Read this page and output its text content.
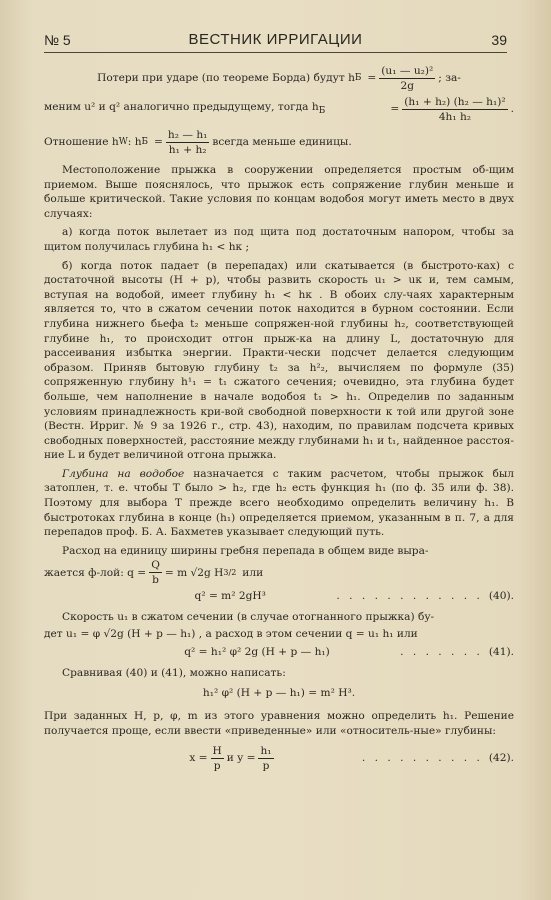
№ 5	ВЕСТНИК ИРРИГАЦИИ	39
Потери при ударе (по теореме Борда) будут h $Б = \frac{\text{(u₁ — u₂)²}}{2g}$ ; за-
меним u² и q² аналогично предыдущему, тогда $h_Б$	= $\frac{\text{(h₁ + h₂) (h₂ — h₁)²}}{\text{4h₁ h₂}}$ .
Отношение h W : h $Б = \frac{\text{h₂ — h₁}}{\text{h₁ + h₂}}$ всегда меньше единицы.

Местоположение прыжка в сооружении определяется простым об-щим приемом. Выше пояснялось, что прыжок есть сопряжение глубин меньше и больше критической. Такие условия по концам водобоя могут иметь место в двух случаях:

а) когда поток вылетает из под щита под достаточным напором, чтобы за щитом получилась глубина h₁ < hк ;

б) когда поток падает (в перепадах) или скатывается (в быстрото-ках) с достаточной высоты (H + p), чтобы развить скорость u₁ > uк и, тем самым, вступая на водобой, имеет глубину h₁ < hк . В обоих слу-чаях характерным является то, что в сжатом сечении поток находится в бурном состоянии. Если глубина нижнего бьефа t₂ меньше сопряжен-ной глубины h₂, соответствующей глубине h₁, то происходит отгон прыж-ка на длину L, достаточную для рассеивания избытка энергии. Практи-чески подсчет делается следующим образом. Приняв бытовую глубину t₂ за h²₂, вычисляем по формуле (35) сопряженную глубину h¹₁ = t₁ сжатого сечения; очевидно, эта глубина будет больше, чем наполнение в начале водобоя t₁ > h₁. Определив по заданным условиям принадлежность кри-вой свободной поверхности к той или другой зоне (Вестн. Ирриг. № 9 за 1926 г., стр. 43), находим, по правилам подсчета кривых свободных поверхностей, расстояние между глубинами h₁ и t₁, найденное расстоя-ние L и будет величиной отгона прыжка.

Глубина на водобое назначается с таким расчетом, чтобы прыжок был затоплен, т. е. чтобы T было > h₂, где h₂ есть функция h₁ (по ф. 35 или ф. 38). Поэтому для выбора T прежде всего необходимо определить величину h₁. В быстротоках глубина в конце (h₁) определяется приемом, указанным в п. 7, а для перепадов проф. Б. А. Бахметев указывает следующий путь.

Расход на единицу ширины гребня перепада в общем виде выра-

жается ф-лой: $q = \frac{Q}{b} = m$ √2g H 3/2 или
q² = m² 2gH³	. . . . . . . . . . . . (40).

Скорость u₁ в сжатом сечении (в случае отогнанного прыжка) бу-

дет u₁ = φ √2g (H + p — h₁) , а расход в этом сечении q = u₁ h₁ или

q² = h₁² φ² 2g (H + p — h₁)	. . . . . . . (41).

Сравнивая (40) и (41), можно написать:

h₁² φ² (H + p — h₁) = m² H³.

При заданных H, p, φ, m из этого уравнения можно определить h₁. Решение получается проще, если ввести «приведенные» или «относитель-ные» глубины:

$x = \frac{H}{p}$ и $y = \frac{\text{h₁}}{p}$	. . . . . . . . . . (42).
